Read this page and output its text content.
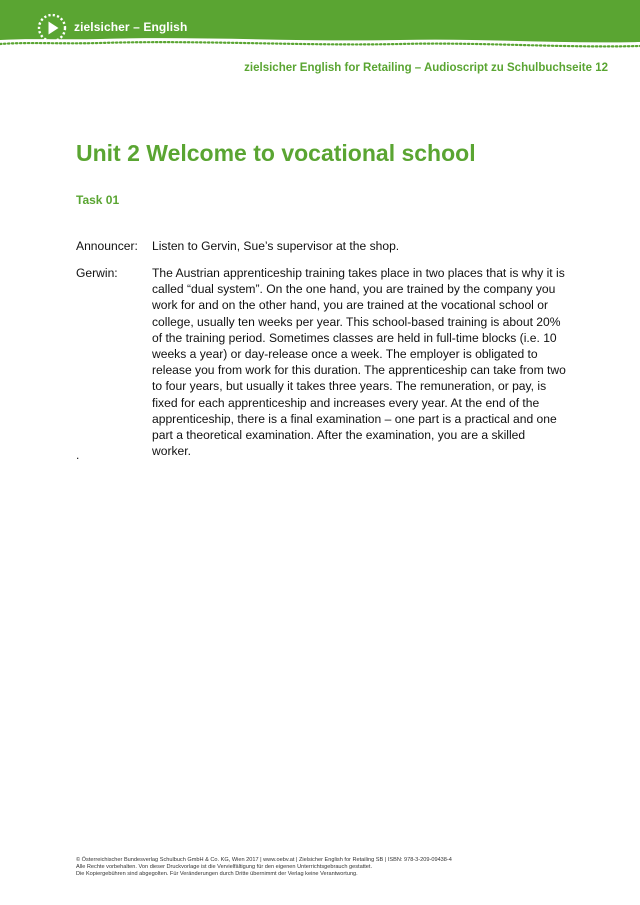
zielsicher – English
zielsicher English for Retailing – Audioscript zu Schulbuchseite 12
Unit 2 Welcome to vocational school
Task 01
Announcer:	Listen to Gervin, Sue’s supervisor at the shop.
Gerwin:	The Austrian apprenticeship training takes place in two places that is why it is called “dual system”. On the one hand, you are trained by the company you work for and on the other hand, you are trained at the vocational school or college, usually ten weeks per year. This school-based training is about 20% of the training period. Sometimes classes are held in full-time blocks (i.e. 10 weeks a year) or day-release once a week. The employer is obligated to release you from work for this duration. The apprenticeship can take from two to four years, but usually it takes three years. The remuneration, or pay, is fixed for each apprenticeship and increases every year. At the end of the apprenticeship, there is a final examination – one part is a practical and one part a theoretical examination. After the examination, you are a skilled worker.
.
© Österreichischer Bundesverlag Schulbuch GmbH & Co. KG, Wien 2017 | www.oebv.at | Zielsicher English for Retailing SB | ISBN: 978-3-209-09438-4
Alle Rechte vorbehalten. Von dieser Druckvorlage ist die Vervielfältigung für den eigenen Unterrichtsgebrauch gestattet.
Die Kopiergebühren sind abgegolten. Für Veränderungen durch Dritte übernimmt der Verlag keine Verantwortung.
